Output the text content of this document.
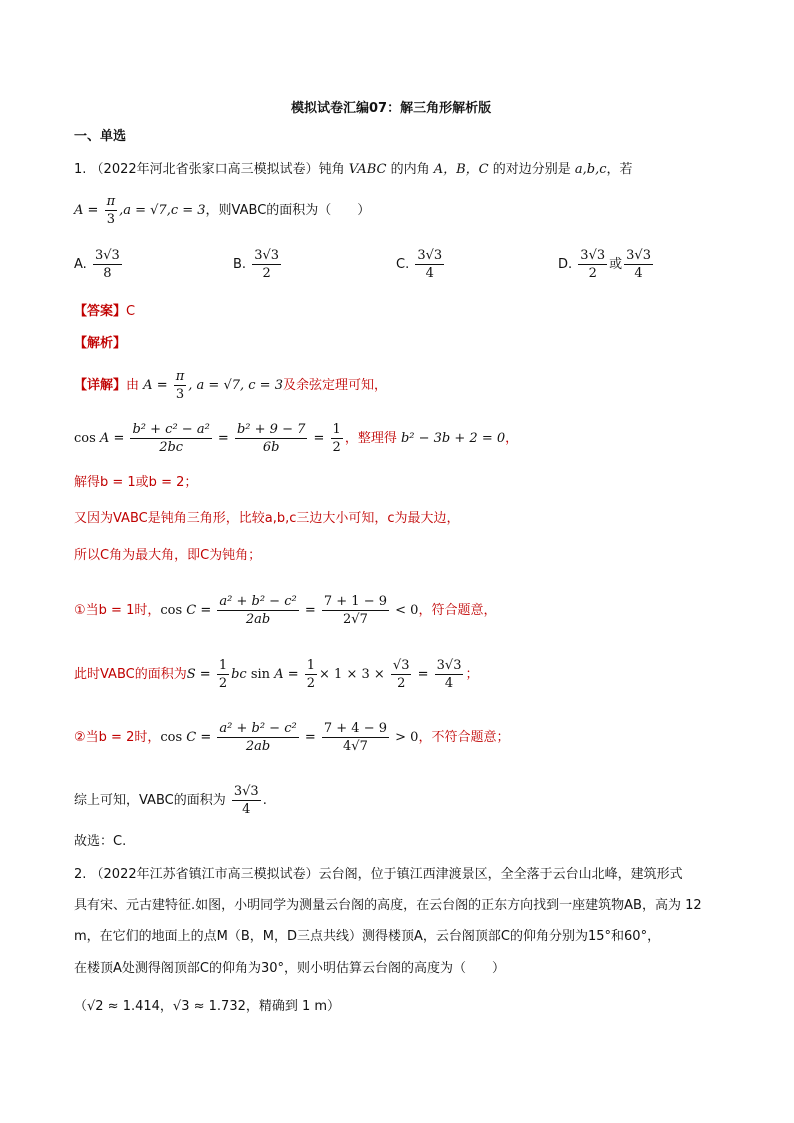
模拟试卷汇编07：解三角形解析版
一、单选
1. （2022年河北省张家口高三模拟试卷）钝角 VABC 的内角 A，B，C 的对边分别是 a,b,c，若
$A = \frac{\pi}{3} ,a = √7,c = 3$，则VABC的面积为（　　）
A. $\frac{3√3}{8}$	B. $\frac{3√3}{2}$	C. $\frac{3√3}{4}$	D. $\frac{3√3}{2}$ 或 $\frac{3√3}{4}$
【答案】C
【解析】
【详解】由 $A = \frac{\pi}{3}$ , a = √7, c = 3及余弦定理可知，
$\cos A = \frac{\text{b² + c² − a²}}{2bc} = \frac{\text{b² + 9 − 7}}{6b} = \frac{1}{2}$ ，整理得 b² − 3b + 2 = 0，
解得b = 1或b = 2；
又因为VABC是钝角三角形，比较a,b,c三边大小可知，c为最大边，
所以C角为最大角，即C为钝角；
①当b = 1时，$\cos C = \frac{\text{a² + b² − c²}}{2ab} = \frac{7 + 1 - 9}{2√7} < 0$，符合题意，
此时VABC的面积为$S = \frac{1}{2}$ bc $\sin A = \frac{1}{2} \times 1 \times 3 \times \frac{√3}{2} = \frac{3√3}{4}$ ；
②当b = 2时，$\cos C = \frac{\text{a² + b² − c²}}{2ab} = \frac{7 + 4 - 9}{4√7} > 0$，不符合题意；
综上可知，VABC的面积为 $\frac{3√3}{4}$ .
故选：C.
2. （2022年江苏省镇江市高三模拟试卷）云台阁，位于镇江西津渡景区，全全落于云台山北峰，建筑形式
具有宋、元古建特征.如图，小明同学为测量云台阁的高度，在云台阁的正东方向找到一座建筑物AB，高为 12
m，在它们的地面上的点M（B，M，D三点共线）测得楼顶A，云台阁顶部C的仰角分别为15°和60°，
在楼顶A处测得阁顶部C的仰角为30°，则小明估算云台阁的高度为（　　）
（√2 ≈ 1.414，√3 ≈ 1.732，精确到 1 m）
